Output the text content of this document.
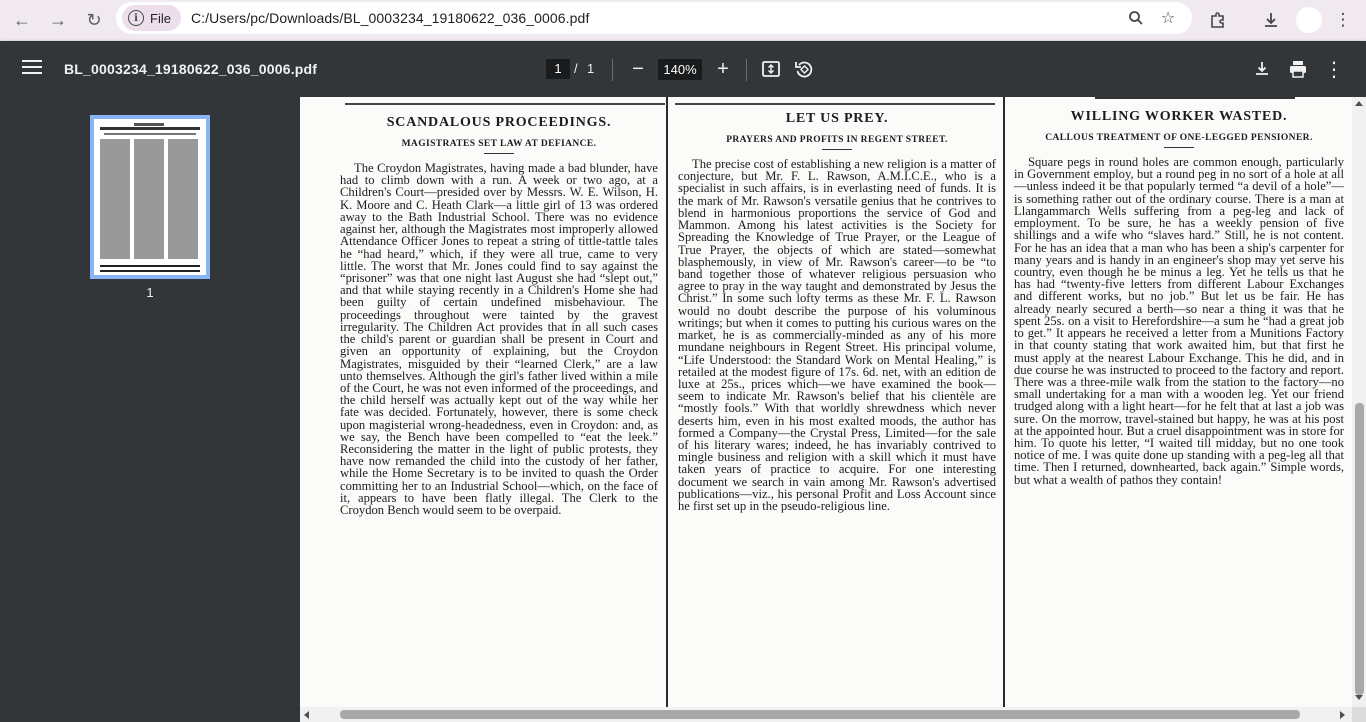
← →	↻	i File C:/Users/pc/Downloads/BL_0003234_19180622_036_0006.pdf	☆	⋮
BL_0003234_19180622_036_0006.pdf	1 / 1	−	140%	+	⋮
1
SCANDALOUS PROCEEDINGS.
MAGISTRATES SET LAW AT DEFIANCE.
The Croydon Magistrates, having made a bad blunder, have had to climb down with a run. A week or two ago, at a Children's Court—presided over by Messrs. W. E. Wilson, H. K. Moore and C. Heath Clark—a little girl of 13 was ordered away to the Bath Industrial School. There was no evidence against her, although the Magistrates most improperly allowed Attendance Officer Jones to repeat a string of tittle-tattle tales he “had heard,” which, if they were all true, came to very little. The worst that Mr. Jones could find to say against the “prisoner” was that one night last August she had “slept out,” and that while staying recently in a Children's Home she had been guilty of certain undefined misbehaviour. The proceedings throughout were tainted by the gravest irregularity. The Children Act provides that in all such cases the child's parent or guardian shall be present in Court and given an opportunity of explaining, but the Croydon Magistrates, misguided by their “learned Clerk,” are a law unto themselves. Although the girl's father lived within a mile of the Court, he was not even informed of the proceedings, and the child herself was actually kept out of the way while her fate was decided. Fortunately, however, there is some check upon magisterial wrong-headedness, even in Croydon: and, as we say, the Bench have been compelled to “eat the leek.” Reconsidering the matter in the light of public protests, they have now remanded the child into the custody of her father, while the Home Secretary is to be invited to quash the Order committing her to an Industrial School—which, on the face of it, appears to have been flatly illegal. The Clerk to the Croydon Bench would seem to be overpaid.
LET US PREY.
PRAYERS AND PROFITS IN REGENT STREET.
The precise cost of establishing a new religion is a matter of conjecture, but Mr. F. L. Rawson, A.M.I.C.E., who is a specialist in such affairs, is in everlasting need of funds. It is the mark of Mr. Rawson's versatile genius that he contrives to blend in harmonious proportions the service of God and Mammon. Among his latest activities is the Society for Spreading the Knowledge of True Prayer, or the League of True Prayer, the objects of which are stated—somewhat blasphemously, in view of Mr. Rawson's career—to be “to band together those of whatever religious persuasion who agree to pray in the way taught and demonstrated by Jesus the Christ.” In some such lofty terms as these Mr. F. L. Rawson would no doubt describe the purpose of his voluminous writings; but when it comes to putting his curious wares on the market, he is as commercially-minded as any of his more mundane neighbours in Regent Street. His principal volume, “Life Understood: the Standard Work on Mental Healing,” is retailed at the modest figure of 17s. 6d. net, with an edition de luxe at 25s., prices which—we have examined the book—seem to indicate Mr. Rawson's belief that his clientèle are “mostly fools.” With that worldly shrewdness which never deserts him, even in his most exalted moods, the author has formed a Company—the Crystal Press, Limited—for the sale of his literary wares; indeed, he has invariably contrived to mingle business and religion with a skill which it must have taken years of practice to acquire. For one interesting document we search in vain among Mr. Rawson's advertised publications—viz., his personal Profit and Loss Account since he first set up in the pseudo-religious line.
WILLING WORKER WASTED.
CALLOUS TREATMENT OF ONE-LEGGED PENSIONER.
Square pegs in round holes are common enough, particularly in Government employ, but a round peg in no sort of a hole at all—unless indeed it be that popularly termed “a devil of a hole”—is something rather out of the ordinary course. There is a man at Llangammarch Wells suffering from a peg-leg and lack of employment. To be sure, he has a weekly pension of five shillings and a wife who “slaves hard.” Still, he is not content. For he has an idea that a man who has been a ship's carpenter for many years and is handy in an engineer's shop may yet serve his country, even though he be minus a leg. Yet he tells us that he has had “twenty-five letters from different Labour Exchanges and different works, but no job.” But let us be fair. He has already nearly secured a berth—so near a thing it was that he spent 25s. on a visit to Herefordshire—a sum he “had a great job to get.” It appears he received a letter from a Munitions Factory in that county stating that work awaited him, but that first he must apply at the nearest Labour Exchange. This he did, and in due course he was instructed to proceed to the factory and report. There was a three-mile walk from the station to the factory—no small undertaking for a man with a wooden leg. Yet our friend trudged along with a light heart—for he felt that at last a job was sure. On the morrow, travel-stained but happy, he was at his post at the appointed hour. But a cruel disappointment was in store for him. To quote his letter, “I waited till midday, but no one took notice of me. I was quite done up standing with a peg-leg all that time. Then I returned, downhearted, back again.” Simple words, but what a wealth of pathos they contain!
